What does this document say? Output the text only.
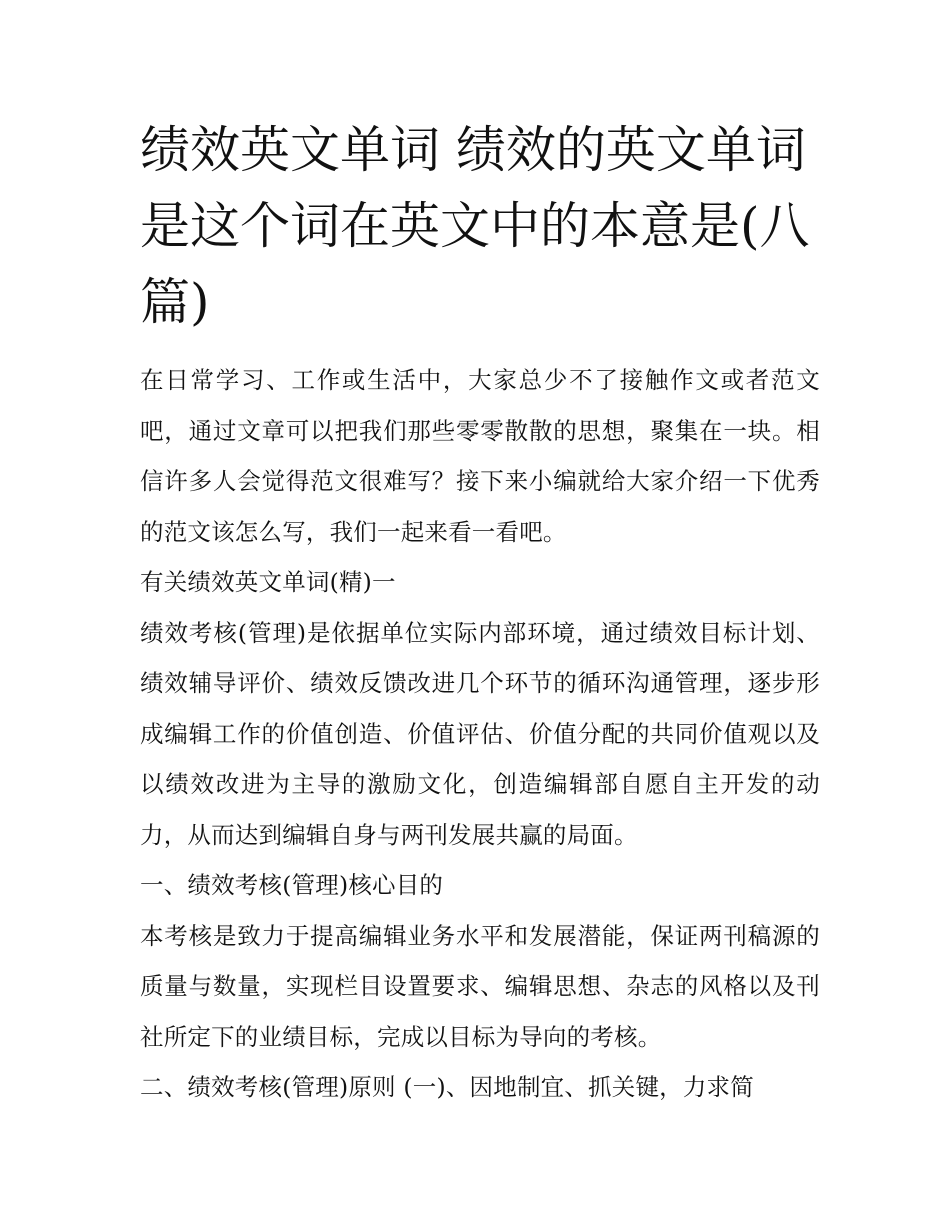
绩效英文单词 绩效的英文单词是这个词在英文中的本意是(八篇)

在日常学习、工作或生活中，大家总少不了接触作文或者范文吧，通过文章可以把我们那些零零散散的思想，聚集在一块。相信许多人会觉得范文很难写？接下来小编就给大家介绍一下优秀的范文该怎么写，我们一起来看一看吧。

有关绩效英文单词(精)一

绩效考核(管理)是依据单位实际内部环境，通过绩效目标计划、绩效辅导评价、绩效反馈改进几个环节的循环沟通管理，逐步形成编辑工作的价值创造、价值评估、价值分配的共同价值观以及以绩效改进为主导的激励文化，创造编辑部自愿自主开发的动力，从而达到编辑自身与两刊发展共赢的局面。

一、绩效考核(管理)核心目的

本考核是致力于提高编辑业务水平和发展潜能，保证两刊稿源的质量与数量，实现栏目设置要求、编辑思想、杂志的风格以及刊社所定下的业绩目标，完成以目标为导向的考核。

二、绩效考核(管理)原则 (一)、因地制宜、抓关键，力求简
